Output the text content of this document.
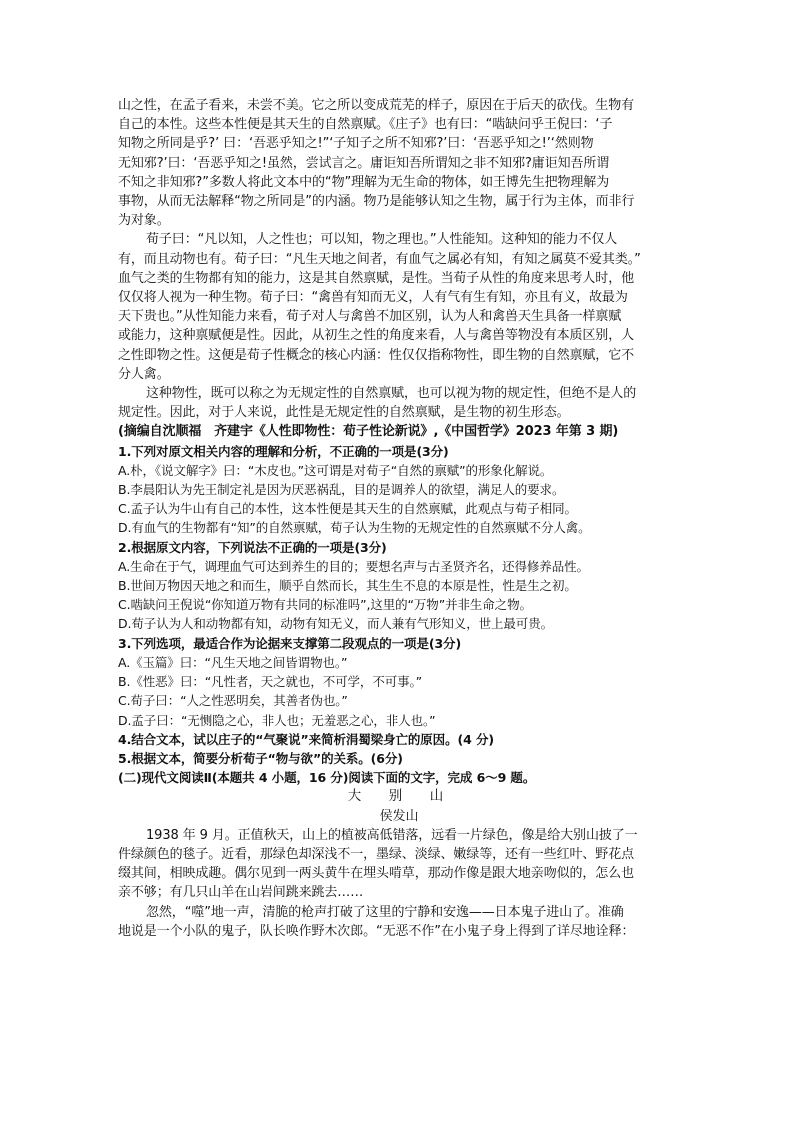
山之性，在孟子看来，未尝不美。它之所以变成荒芜的样子，原因在于后天的砍伐。生物有
自己的本性。这些本性便是其天生的自然禀赋。《庄子》也有曰：“啮缺问乎王倪曰：‘子
知物之所同是乎?’ 曰：‘吾恶乎知之!”‘子知子之所不知邪?’曰：‘吾恶乎知之!’‘然则物
无知邪?’曰：‘吾恶乎知之!虽然，尝试言之。庸讵知吾所谓知之非不知邪?庸讵知吾所谓
不知之非知邪?”多数人将此文本中的“物”理解为无生命的物体，如王博先生把物理解为
事物，从而无法解释“物之所同是”的内涵。物乃是能够认知之生物，属于行为主体，而非行
为对象。
荀子曰：“凡以知，人之性也；可以知，物之理也。”人性能知。这种知的能力不仅人
有，而且动物也有。荀子曰：“凡生天地之间者，有血气之属必有知，有知之属莫不爱其类。”
血气之类的生物都有知的能力，这是其自然禀赋，是性。当荀子从性的角度来思考人时，他
仅仅将人视为一种生物。荀子曰：“禽兽有知而无义，人有气有生有知，亦且有义，故最为
天下贵也。”从性知能力来看，荀子对人与禽兽不加区别，认为人和禽兽天生具备一样禀赋
或能力，这种禀赋便是性。因此，从初生之性的角度来看，人与禽兽等物没有本质区别，人
之性即物之性。这便是荀子性概念的核心内涵：性仅仅指称物性，即生物的自然禀赋，它不
分人禽。
这种物性，既可以称之为无规定性的自然禀赋，也可以视为物的规定性，但绝不是人的
规定性。因此，对于人来说，此性是无规定性的自然禀赋，是生物的初生形态。
(摘编自沈顺福　齐建宇《人性即物性：荀子性论新说》,《中国哲学》2023 年第 3 期)
1.下列对原文相关内容的理解和分析，不正确的一项是(3分)
A.朴，《说文解字》曰：“木皮也。”这可谓是对荀子“自然的禀赋”的形象化解说。
B.李晨阳认为先王制定礼是因为厌恶祸乱，目的是调养人的欲望，满足人的要求。
C.孟子认为牛山有自己的本性，这本性便是其天生的自然禀赋，此观点与荀子相同。
D.有血气的生物都有“知”的自然禀赋，荀子认为生物的无规定性的自然禀赋不分人禽。
2.根据原文内容，下列说法不正确的一项是(3分)
A.生命在于气，调理血气可达到养生的目的；要想名声与古圣贤齐名，还得修养品性。
B.世间万物因天地之和而生，顺乎自然而长，其生生不息的本原是性，性是生之初。
C.啮缺问王倪说“你知道万物有共同的标准吗”,这里的“万物”并非生命之物。
D.荀子认为人和动物都有知，动物有知无义，而人兼有气形知义，世上最可贵。
3.下列选项，最适合作为论据来支撑第二段观点的一项是(3分)
A.《玉篇》曰：“凡生天地之间皆谓物也。”
B.《性恶》曰：“凡性者，天之就也，不可学，不可事。”
C.荀子曰：“人之性恶明矣，其善者伪也。”
D.孟子曰：“无恻隐之心，非人也；无羞恶之心，非人也。”
4.结合文本，试以庄子的“气聚说”来简析涓蜀梁身亡的原因。(4 分)
5.根据文本，简要分析荀子“物与欲”的关系。(6分)
(二)现代文阅读Ⅱ(本题共 4 小题，16 分)阅读下面的文字，完成 6～9 题。
大　别　山
侯发山
1938 年 9 月。正值秋天，山上的植被高低错落，远看一片绿色，像是给大别山披了一
件绿颜色的毯子。近看，那绿色却深浅不一，墨绿、淡绿、嫩绿等，还有一些红叶、野花点
缀其间，相映成趣。偶尔见到一两头黄牛在埋头啃草，那动作像是跟大地亲吻似的，怎么也
亲不够；有几只山羊在山岩间跳来跳去……
忽然，“噬”地一声，清脆的枪声打破了这里的宁静和安逸——日本鬼子进山了。准确
地说是一个小队的鬼子，队长唤作野木次郎。“无恶不作”在小鬼子身上得到了详尽地诠释：
